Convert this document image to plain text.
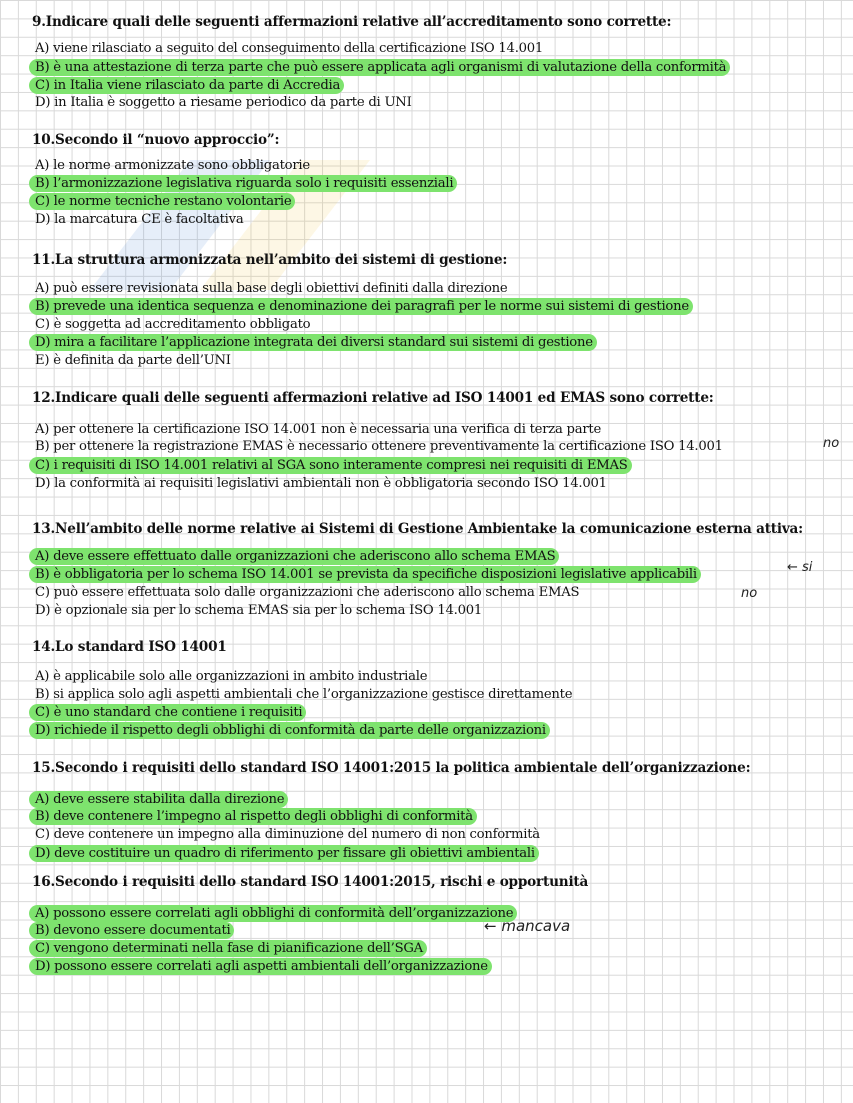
9.Indicare quali delle seguenti affermazioni relative all’accreditamento sono corrette:
A) viene rilasciato a seguito del conseguimento della certificazione ISO 14.001
B) è una attestazione di terza parte che può essere applicata agli organismi di valutazione della conformità
C) in Italia viene rilasciato da parte di Accredia
D) in Italia è soggetto a riesame periodico da parte di UNI
10.Secondo il “nuovo approccio”:
A) le norme armonizzate sono obbligatorie
B) l’armonizzazione legislativa riguarda solo i requisiti essenziali
C) le norme tecniche restano volontarie
D) la marcatura CE è facoltativa
11.La struttura armonizzata nell’ambito dei sistemi di gestione:
A) può essere revisionata sulla base degli obiettivi definiti dalla direzione
B) prevede una identica sequenza e denominazione dei paragrafi per le norme sui sistemi di gestione
C) è soggetta ad accreditamento obbligato
D) mira a facilitare l’applicazione integrata dei diversi standard sui sistemi di gestione
E) è definita da parte dell’UNI
12.Indicare quali delle seguenti affermazioni relative ad ISO 14001 ed EMAS sono corrette:
A) per ottenere la certificazione ISO 14.001 non è necessaria una verifica di terza parte
B) per ottenere la registrazione EMAS è necessario ottenere preventivamente la certificazione ISO 14.001
C) i requisiti di ISO 14.001 relativi al SGA sono interamente compresi nei requisiti di EMAS
D) la conformità ai requisiti legislativi ambientali non è obbligatoria secondo ISO 14.001
no
13.Nell’ambito delle norme relative ai Sistemi di Gestione Ambientake la comunicazione esterna attiva:
A) deve essere effettuato dalle organizzazioni che aderiscono allo schema EMAS
B) è obbligatoria per lo schema ISO 14.001 se prevista da specifiche disposizioni legislative applicabili
C) può essere effettuata solo dalle organizzazioni che aderiscono allo schema EMAS
D) è opzionale sia per lo schema EMAS sia per lo schema ISO 14.001
← si
no
14.Lo standard ISO 14001
A) è applicabile solo alle organizzazioni in ambito industriale
B) si applica solo agli aspetti ambientali che l’organizzazione gestisce direttamente
C) è uno standard che contiene i requisiti
D) richiede il rispetto degli obblighi di conformità da parte delle organizzazioni
15.Secondo i requisiti dello standard ISO 14001:2015 la politica ambientale dell’organizzazione:
A) deve essere stabilita dalla direzione
B) deve contenere l’impegno al rispetto degli obblighi di conformità
C) deve contenere un impegno alla diminuzione del numero di non conformità
D) deve costituire un quadro di riferimento per fissare gli obiettivi ambientali
16.Secondo i requisiti dello standard ISO 14001:2015, rischi e opportunità
A) possono essere correlati agli obblighi di conformità dell’organizzazione
B) devono essere documentati
C) vengono determinati nella fase di pianificazione dell’SGA
D) possono essere correlati agli aspetti ambientali dell’organizzazione
← mancava
